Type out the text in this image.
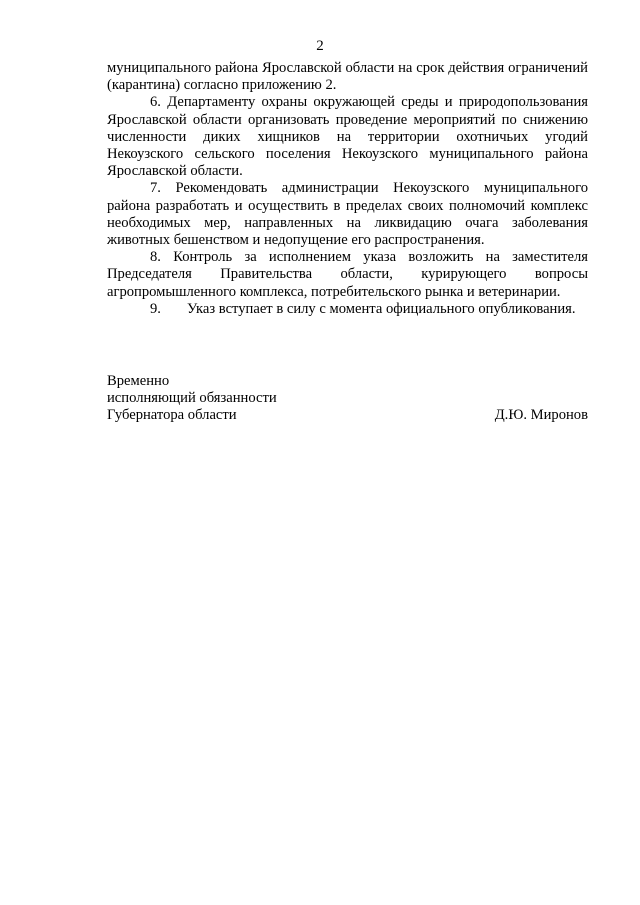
2

муниципального района Ярославской области на срок действия ограничений (карантина) согласно приложению 2.

6. Департаменту охраны окружающей среды и природопользования Ярославской области организовать проведение мероприятий по снижению численности диких хищников на территории охотничьих угодий Некоузского сельского поселения Некоузского муниципального района Ярославской области.

7. Рекомендовать администрации Некоузского муниципального района разработать и осуществить в пределах своих полномочий комплекс необходимых мер, направленных на ликвидацию очага заболевания животных бешенством и недопущение его распространения.

8. Контроль за исполнением указа возложить на заместителя Председателя Правительства области, курирующего вопросы агропромышленного комплекса, потребительского рынка и ветеринарии.

9. Указ вступает в силу с момента официального опубликования.

Временно
исполняющий обязанности
Губернатора области	Д.Ю. Миронов
